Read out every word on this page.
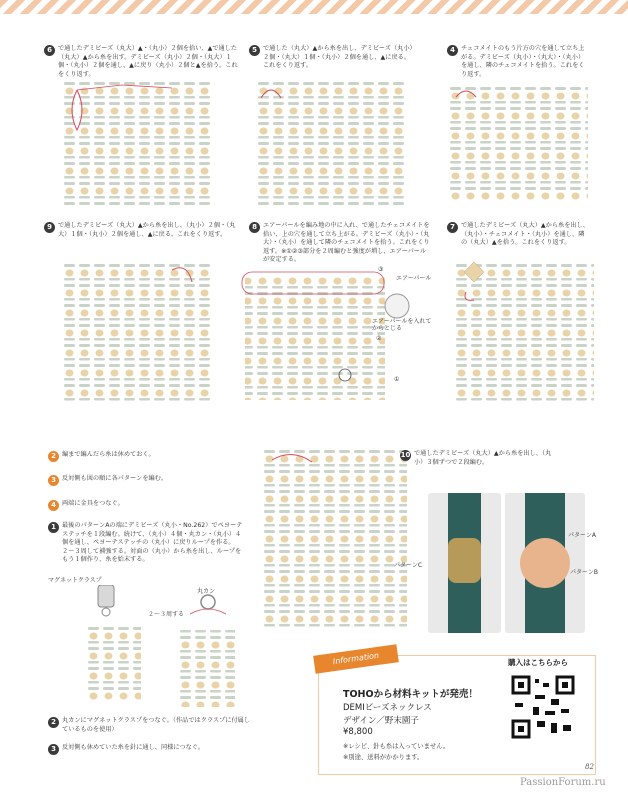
6 で通したデミビーズ（丸大）▲・（丸小）２個を拾い、▲で通した（丸大）▲から糸を出す。デミビーズ（丸小）２個・（丸大）１個・（丸小）２個を通し、▲に戻り（丸小）２個と▲を拾う。これをくり返す。
5 で通した（丸大）▲から糸を出し、デミビーズ（丸小）２個・（丸大）１個・（丸小）２個を通し、▲に戻る。これをくり返す。
4 チェコメイトのもう片方の穴を通して立ち上がる。デミビーズ（丸小）・（丸大）・（丸小）を通し、隣のチェコメイトを拾う。これをくり返す。
9 で通したデミビーズ（丸大）▲から糸を出し、（丸小）２個・（丸大）１個・（丸小）２個を通し、▲に戻る。これをくり返す。
8 エアーパールを編み地の中に入れ、で通したチェコメイトを拾い、上の穴を通して立ち上がる。デミビーズ（丸小）・（丸大）・（丸小）を通して隣のチェコメイトを拾う。これをくり返す。※①②③部分を２周編むと強度が増し、エアーパールが安定する。
7 で通したデミビーズ（丸大）▲から糸を出し、（丸小）・チェコメイト・（丸小）を通し、隣の（丸大）▲を拾う。これをくり返す。
エアーパール
③
②
①
エアーパールを入れてからとじる
2 編まで編んだら糸は休めておく。
3 反対側も図の順に各パターンを編む。
4 両端に金具をつなぐ。
1 最後のパターンAの端にデミビーズ（丸小・No.262）でペヨーテステッチを１段編む。続けて、（丸小）４個・丸カン・（丸小）４個を通し、ペヨーテステッチの（丸小）に戻りループを作る。２〜３周して補強する。対面の（丸小）から糸を出し、ループをもう１個作り、糸を始末する。
マグネットクラスプ
丸カン
２〜３周する
2 丸カンにマグネットクラスプをつなぐ。（作品ではクラスプに付属しているものを使用）
3 反対側も休めていた糸を針に通し、同様につなぐ。
10 で通したデミビーズ（丸大）▲から糸を出し、（丸小）３個ずつで２段編む。
パターンC
パターンA
パターンB
Information
TOHOから材料キットが発売！
DEMIビーズネックレス
デザイン／野末園子
¥8,800
※レシピ、針も糸は入っていません。
※別途、送料がかかります。
購入はこちらから
82
PassionForum.ru
